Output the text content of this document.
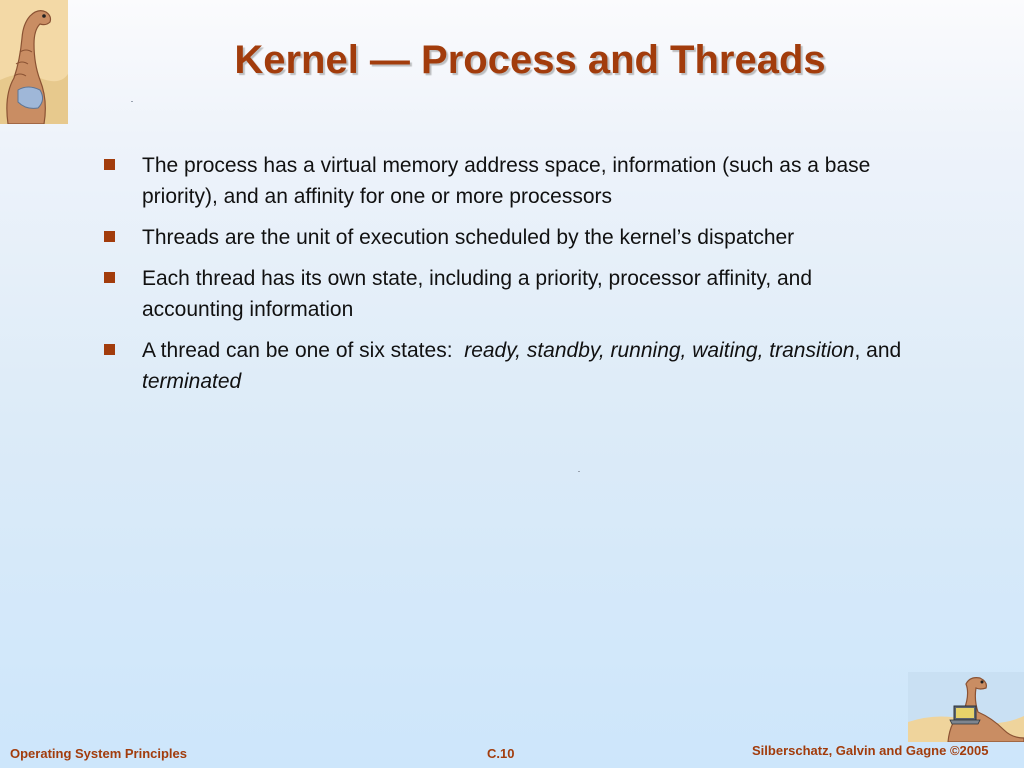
Kernel — Process and Threads
The process has a virtual memory address space, information (such as a base priority), and an affinity for one or more processors
Threads are the unit of execution scheduled by the kernel’s dispatcher
Each thread has its own state, including a priority, processor affinity, and accounting information
A thread can be one of six states:  ready, standby, running, waiting, transition, and terminated
Operating System Principles	C.10	Silberschatz, Galvin and Gagne ©2005
